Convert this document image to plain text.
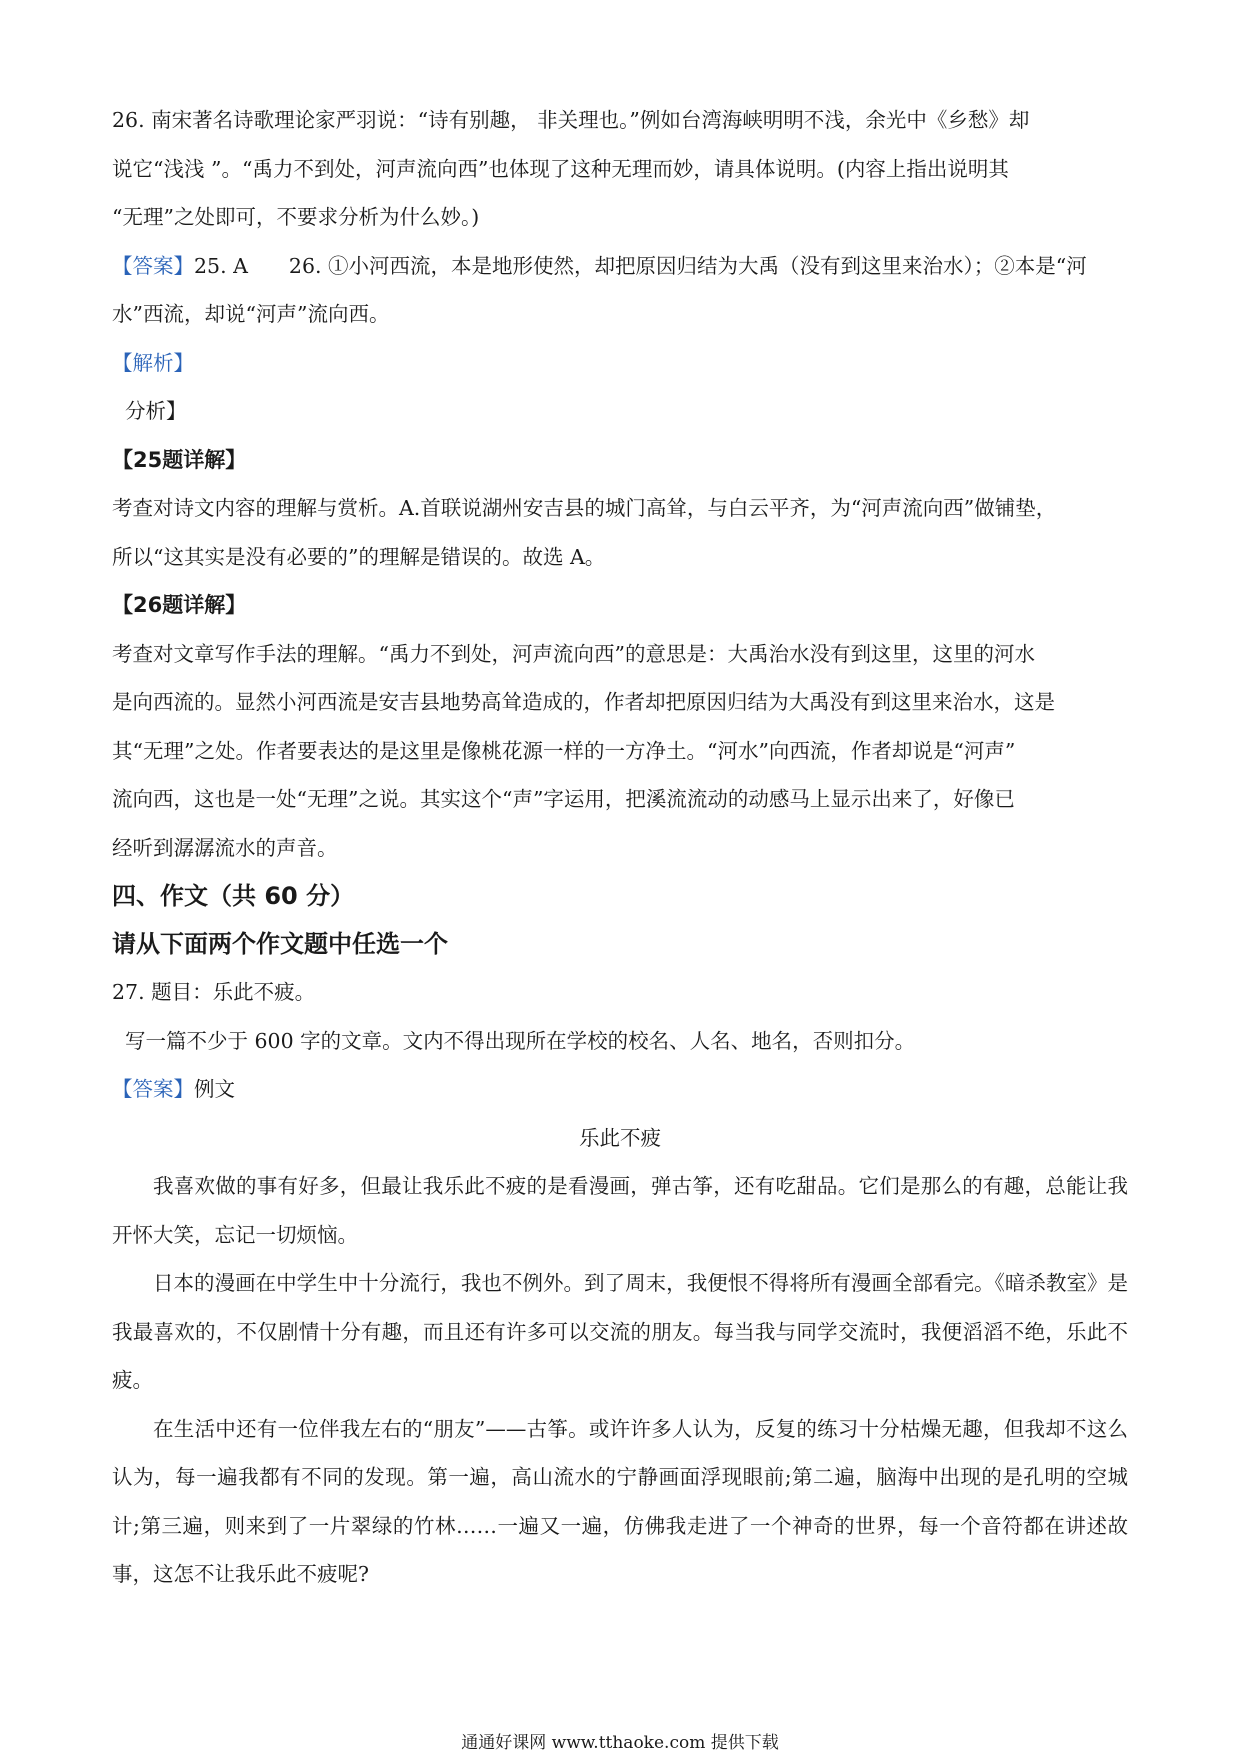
26. 南宋著名诗歌理论家严羽说：“诗有别趣， 非关理也。”例如台湾海峡明明不浅，余光中《乡愁》却

说它“浅浅 ”。“禹力不到处，河声流向西”也体现了这种无理而妙，请具体说明。(内容上指出说明其

“无理”之处即可，不要求分析为什么妙。)

【答案】25. A　　26. ①小河西流，本是地形使然，却把原因归结为大禹（没有到这里来治水）；②本是“河

水”西流，却说“河声”流向西。

【解析】

分析】

【25题详解】

考查对诗文内容的理解与赏析。A.首联说湖州安吉县的城门高耸，与白云平齐，为“河声流向西”做铺垫，

所以“这其实是没有必要的”的理解是错误的。故选 A。

【26题详解】

考查对文章写作手法的理解。“禹力不到处，河声流向西”的意思是：大禹治水没有到这里，这里的河水

是向西流的。显然小河西流是安吉县地势高耸造成的，作者却把原因归结为大禹没有到这里来治水，这是

其“无理”之处。作者要表达的是这里是像桃花源一样的一方净土。“河水”向西流，作者却说是“河声”

流向西，这也是一处“无理”之说。其实这个“声”字运用，把溪流流动的动感马上显示出来了，好像已

经听到潺潺流水的声音。

四、作文（共 60 分）

请从下面两个作文题中任选一个

27. 题目：乐此不疲。

写一篇不少于 600 字的文章。文内不得出现所在学校的校名、人名、地名，否则扣分。

【答案】例文

乐此不疲

我喜欢做的事有好多，但最让我乐此不疲的是看漫画，弹古筝，还有吃甜品。它们是那么的有趣，总能让我开怀大笑，忘记一切烦恼。

日本的漫画在中学生中十分流行，我也不例外。到了周末，我便恨不得将所有漫画全部看完。《暗杀教室》是我最喜欢的，不仅剧情十分有趣，而且还有许多可以交流的朋友。每当我与同学交流时，我便滔滔不绝，乐此不疲。

在生活中还有一位伴我左右的“朋友”——古筝。或许许多人认为，反复的练习十分枯燥无趣，但我却不这么认为，每一遍我都有不同的发现。第一遍，高山流水的宁静画面浮现眼前;第二遍，脑海中出现的是孔明的空城计;第三遍，则来到了一片翠绿的竹林……一遍又一遍，仿佛我走进了一个神奇的世界，每一个音符都在讲述故事，这怎不让我乐此不疲呢?

通通好课网 www.tthaoke.com 提供下载
